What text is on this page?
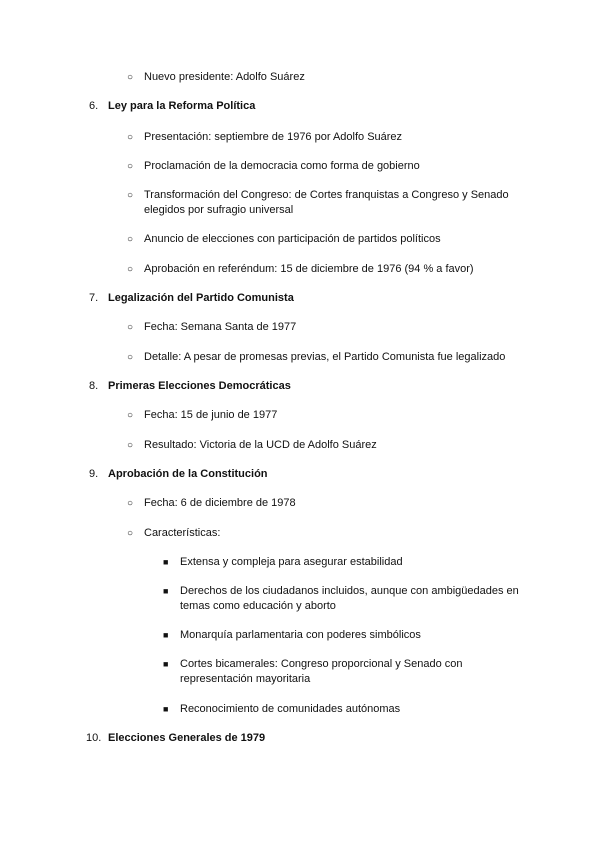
○ Nuevo presidente: Adolfo Suárez
6. Ley para la Reforma Política
○ Presentación: septiembre de 1976 por Adolfo Suárez
○ Proclamación de la democracia como forma de gobierno
○ Transformación del Congreso: de Cortes franquistas a Congreso y Senado elegidos por sufragio universal
○ Anuncio de elecciones con participación de partidos políticos
○ Aprobación en referéndum: 15 de diciembre de 1976 (94 % a favor)
7. Legalización del Partido Comunista
○ Fecha: Semana Santa de 1977
○ Detalle: A pesar de promesas previas, el Partido Comunista fue legalizado
8. Primeras Elecciones Democráticas
○ Fecha: 15 de junio de 1977
○ Resultado: Victoria de la UCD de Adolfo Suárez
9. Aprobación de la Constitución
○ Fecha: 6 de diciembre de 1978
○ Características:
■ Extensa y compleja para asegurar estabilidad
■ Derechos de los ciudadanos incluidos, aunque con ambigüedades en temas como educación y aborto
■ Monarquía parlamentaria con poderes simbólicos
■ Cortes bicamerales: Congreso proporcional y Senado con representación mayoritaria
■ Reconocimiento de comunidades autónomas
10. Elecciones Generales de 1979
